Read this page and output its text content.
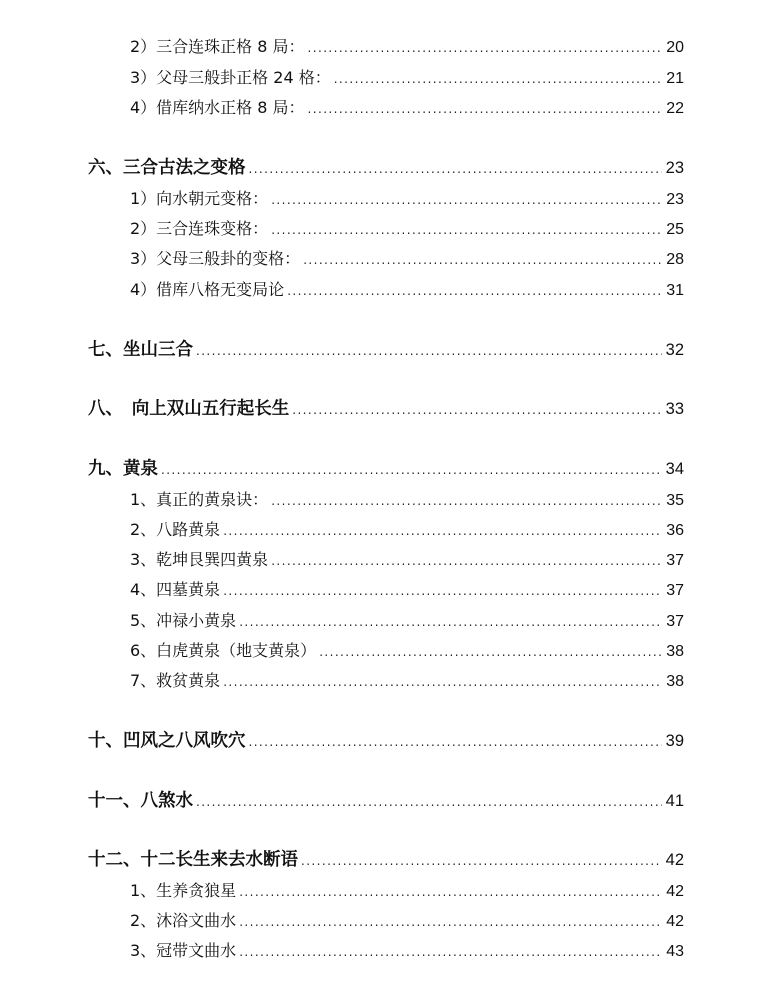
2）三合连珠正格 8 局： .....	20
3）父母三般卦正格 24 格： .....	21
4）借库纳水正格 8 局： .....	22
六、三合古法之变格 .....	23
1）向水朝元变格： .....	23
2）三合连珠变格： .....	25
3）父母三般卦的变格： .....	28
4）借库八格无变局论 .....	31
七、坐山三合 .....	32
八、　向上双山五行起长生 .....	33
九、黄泉 .....	34
1、真正的黄泉诀： .....	35
2、八路黄泉 .....	36
3、乾坤艮巽四黄泉 .....	37
4、四墓黄泉 .....	37
5、冲禄小黄泉 .....	37
6、白虎黄泉（地支黄泉） .....	38
7、救贫黄泉 .....	38
十、凹风之八风吹穴 .....	39
十一、八煞水 .....	41
十二、十二长生来去水断语 .....	42
1、生养贪狼星 .....	42
2、沐浴文曲水 .....	42
3、冠带文曲水 .....	43
